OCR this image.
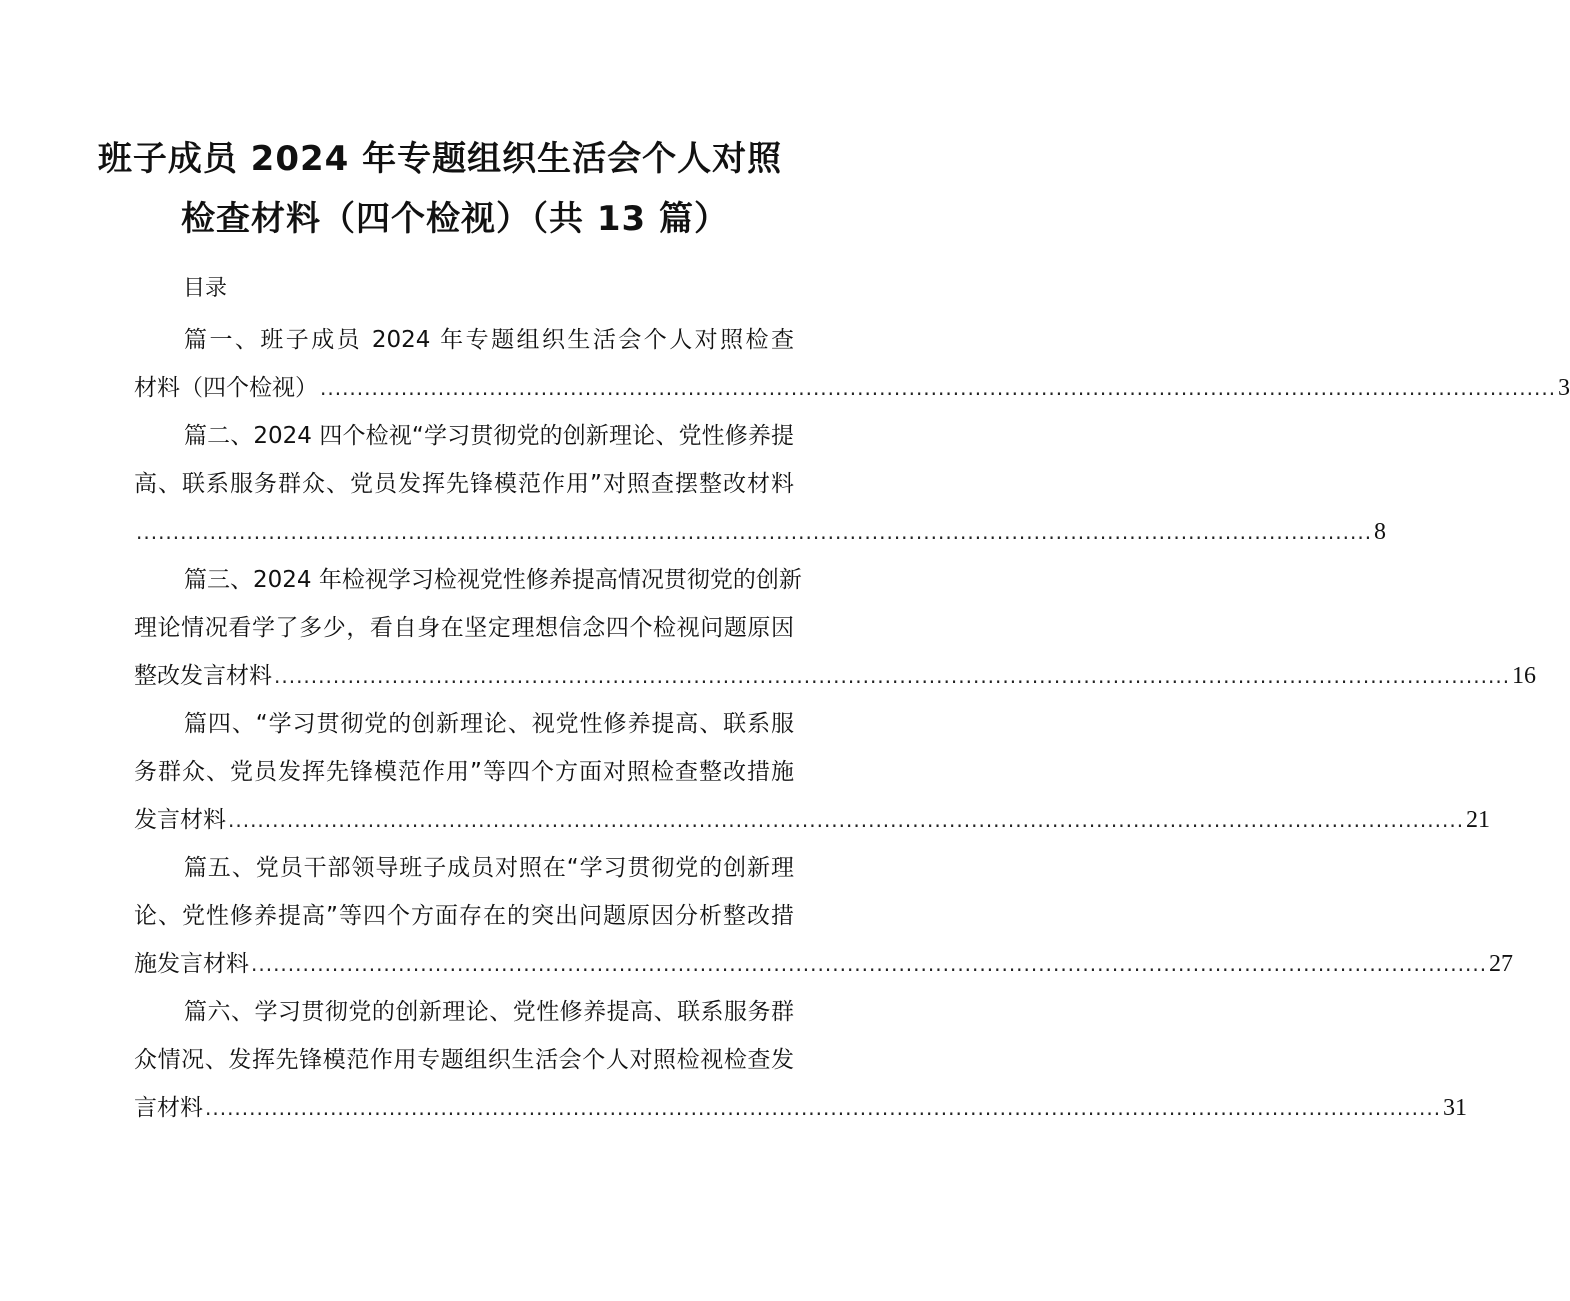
班子成员 2024 年专题组织生活会个人对照
检查材料（四个检视）（共 13 篇）
目录
篇一、班子成员 2024 年专题组织生活会个人对照检查
材料（四个检视） ........................................................................................................................................................................ 3
篇二、2024 四个检视“学习贯彻党的创新理论、党性修养提
高、联系服务群众、党员发挥先锋模范作用”对照查摆整改材料
........................................................................................................................................................................ 8
篇三、2024 年检视学习检视党性修养提高情况贯彻党的创新
理论情况看学了多少，看自身在坚定理想信念四个检视问题原因
整改发言材料 ........................................................................................................................................................................ 16
篇四、“学习贯彻党的创新理论、视党性修养提高、联系服
务群众、党员发挥先锋模范作用”等四个方面对照检查整改措施
发言材料 ........................................................................................................................................................................ 21
篇五、党员干部领导班子成员对照在“学习贯彻党的创新理
论、党性修养提高”等四个方面存在的突出问题原因分析整改措
施发言材料 ........................................................................................................................................................................ 27
篇六、学习贯彻党的创新理论、党性修养提高、联系服务群
众情况、发挥先锋模范作用专题组织生活会个人对照检视检查发
言材料 ........................................................................................................................................................................ 31
